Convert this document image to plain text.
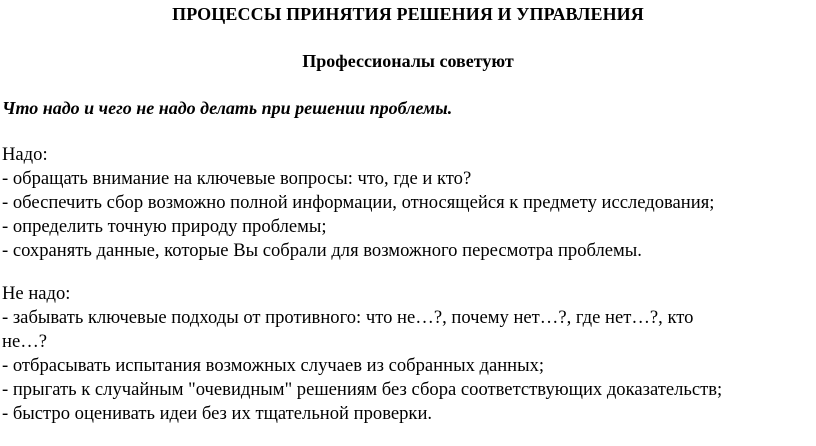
ПРОЦЕССЫ ПРИНЯТИЯ РЕШЕНИЯ И УПРАВЛЕНИЯ
Профессионалы советуют
Что надо и чего не надо делать при решении проблемы.
Надо:
- обращать внимание на ключевые вопросы: что, где и кто?
- обеспечить сбор возможно полной информации, относящейся к предмету исследования;
- определить точную природу проблемы;
- сохранять данные, которые Вы собрали для возможного пересмотра проблемы.
Не надо:
- забывать ключевые подходы от противного: что не…?, почему нет…?, где нет…?, кто
не…?
- отбрасывать испытания возможных случаев из собранных данных;
- прыгать к случайным "очевидным" решениям без сбора соответствующих доказательств;
- быстро оценивать идеи без их тщательной проверки.
